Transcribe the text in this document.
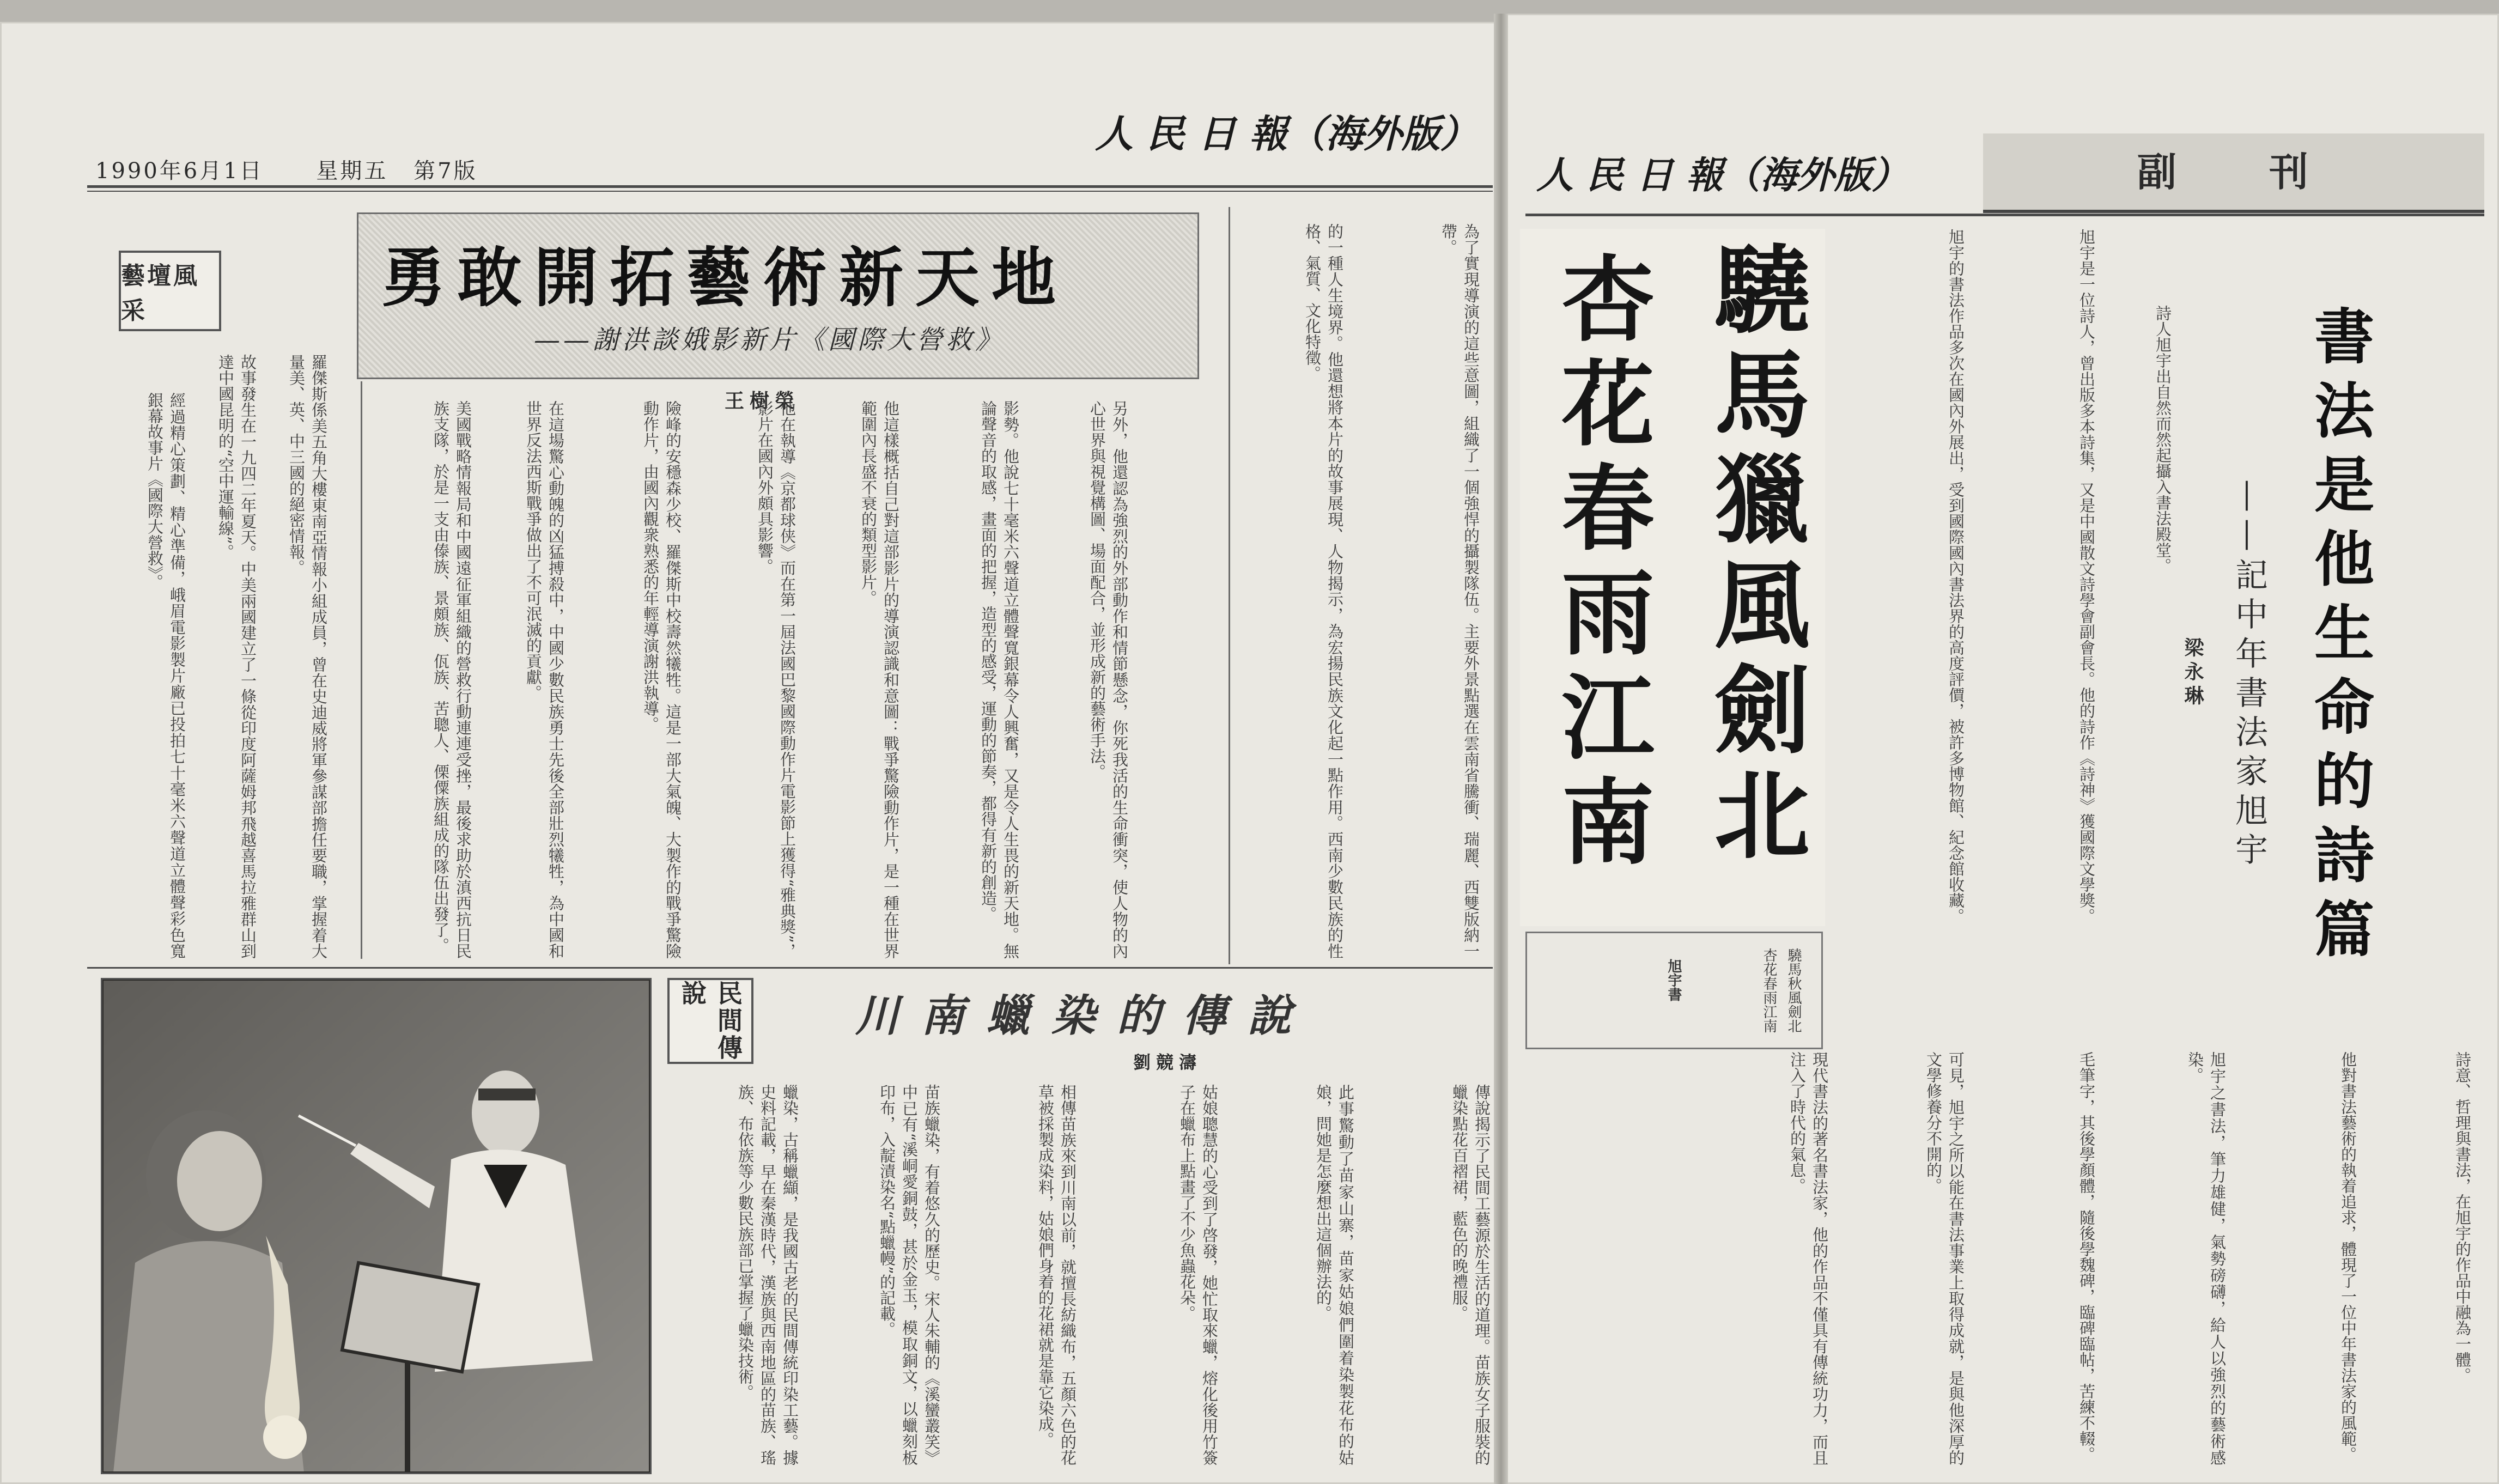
人 民 日 報（海外版）
1990年6月1日 星期五 第7版
藝壇風采	勇敢開拓藝術新天地
——謝洪談娥影新片《國際大營救》
王樹榮
經過精心策劃、精心準備，峨眉電影製片廠已投拍七十毫米六聲道立體聲彩色寬銀幕故事片《國際大營救》。	故事發生在一九四二年夏天。中美兩國建立了一條從印度阿薩姆邦飛越喜馬拉雅群山到達中國昆明的“空中運輸線”。	羅傑斯係美五角大樓東南亞情報小組成員，曾在史迪威將軍參謀部擔任要職，掌握着大量美、英、中三國的絕密情報。	美國戰略情報局和中國遠征軍組織的營救行動連連受挫，最後求助於滇西抗日民族支隊，於是一支由傣族、景頗族、佤族、苦聰人、傈僳族組成的隊伍出發了。	在這場驚心動魄的凶猛搏殺中，中國少數民族勇士先後全部壯烈犧牲，為中國和世界反法西斯戰爭做出了不可泯滅的貢獻。	險峰的安穩森少校、羅傑斯中校壽然犧牲。這是一部大氣魄、大製作的戰爭驚險動作片，由國內觀衆熟悉的年輕導演謝洪執導。	他在執導《京都球侠》而在第一屆法國巴黎國際動作片電影節上獲得“雅典獎”，影片在國內外頗具影響。	他這樣概括自己對這部影片的導演認識和意圖：戰爭驚險動作片，是一種在世界範圍內長盛不衰的類型影片。	影勢。他說七十毫米六聲道立體聲寬銀幕令人興奮，又是令人生畏的新天地。無論聲音的取感，畫面的把握，造型的感受，運動的節奏，都得有新的創造。	另外，他還認為強烈的外部動作和情節懸念，你死我活的生命衝突，使人物的內心世界與視覺構圖、場面配合，並形成新的藝術手法。	的一種人生境界。他還想將本片的故事展現、人物揭示，為宏揚民族文化起一點作用。西南少數民族的性格、氣質、文化特徵。	為了實現導演的這些意圖，組織了一個強悍的攝製隊伍。主要外景點選在雲南省騰衝、瑞麗、西雙版納一帶。
民間傳說	川南蠟染的傳說
劉競濤
蠟染，古稱蠟纈，是我國古老的民間傳統印染工藝。據史料記載，早在秦漢時代，漢族與西南地區的苗族、瑤族、布依族等少數民族部已掌握了蠟染技術。	苗族蠟染，有着悠久的歷史。宋人朱輔的《溪蠻叢笑》中已有“溪峒愛銅鼓，甚於金玉，模取銅文，以蠟刻板印布，入靛漬染名“點蠟幔”的記載。	相傳苗族來到川南以前，就擅長紡織布，五顏六色的花草被採製成染料，姑娘們身着的花裙就是靠它染成。	姑娘聰慧的心受到了啓發，她忙取來蠟，熔化後用竹簽子在蠟布上點畫了不少魚蟲花朵。	此事驚動了苗家山寨，苗家姑娘們圍着染製花布的姑娘，問她是怎麼想出這個辦法的。	傳說揭示了民間工藝源於生活的道理。苗族女子服裝的蠟染點花百褶裙，藍色的晚禮服。
人 民 日 報（海外版）	副  刊
書法是他生命的詩篇
——記中年書法家旭宇
梁永琳
驍馬獵風劍北
杏花春雨江南
驍馬秋風劍北
杏花春雨江南
旭宇書
詩人旭宇出自然而然起攝入書法殿堂。
旭宇是一位詩人，曾出版多本詩集，又是中國散文詩學會副會長。他的詩作《詩神》獲國際文學獎。
旭宇的書法作品多次在國內外展出，受到國際國內書法界的高度評價，被許多博物館、紀念館收藏。
可見，旭宇之所以能在書法事業上取得成就，是與他深厚的文學修養分不開的。	毛筆字，其後學顏體，隨後學魏碑，臨碑臨帖，苦練不輟。	旭宇之書法，筆力雄健，氣勢磅礴，給人以強烈的藝術感染。	他對書法藝術的執着追求，體現了一位中年書法家的風範。
現代書法的著名書法家，他的作品不僅具有傳統功力，而且注入了時代的氣息。	詩意、哲理與書法，在旭宇的作品中融為一體。
